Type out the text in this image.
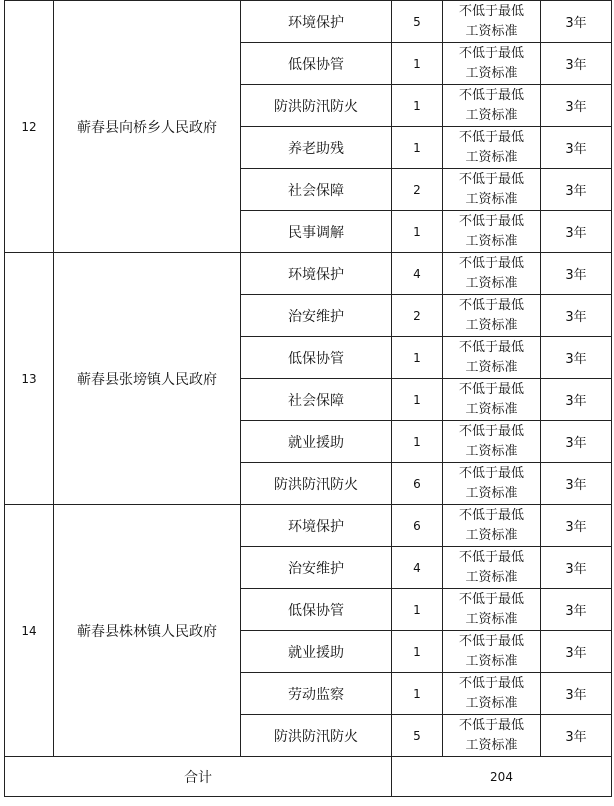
12	蕲春县向桥乡人民政府	环境保护	5	不低于最低
工资标准	3年
		低保协管	1	不低于最低
工资标准	3年
		防洪防汛防火	1	不低于最低
工资标准	3年
		养老助残	1	不低于最低
工资标准	3年
		社会保障	2	不低于最低
工资标准	3年
		民事调解	1	不低于最低
工资标准	3年
13	蕲春县张塝镇人民政府	环境保护	4	不低于最低
工资标准	3年
		治安维护	2	不低于最低
工资标准	3年
		低保协管	1	不低于最低
工资标准	3年
		社会保障	1	不低于最低
工资标准	3年
		就业援助	1	不低于最低
工资标准	3年
		防洪防汛防火	6	不低于最低
工资标准	3年
14	蕲春县株林镇人民政府	环境保护	6	不低于最低
工资标准	3年
		治安维护	4	不低于最低
工资标准	3年
		低保协管	1	不低于最低
工资标准	3年
		就业援助	1	不低于最低
工资标准	3年
		劳动监察	1	不低于最低
工资标准	3年
		防洪防汛防火	5	不低于最低
工资标准	3年
合计			204		
